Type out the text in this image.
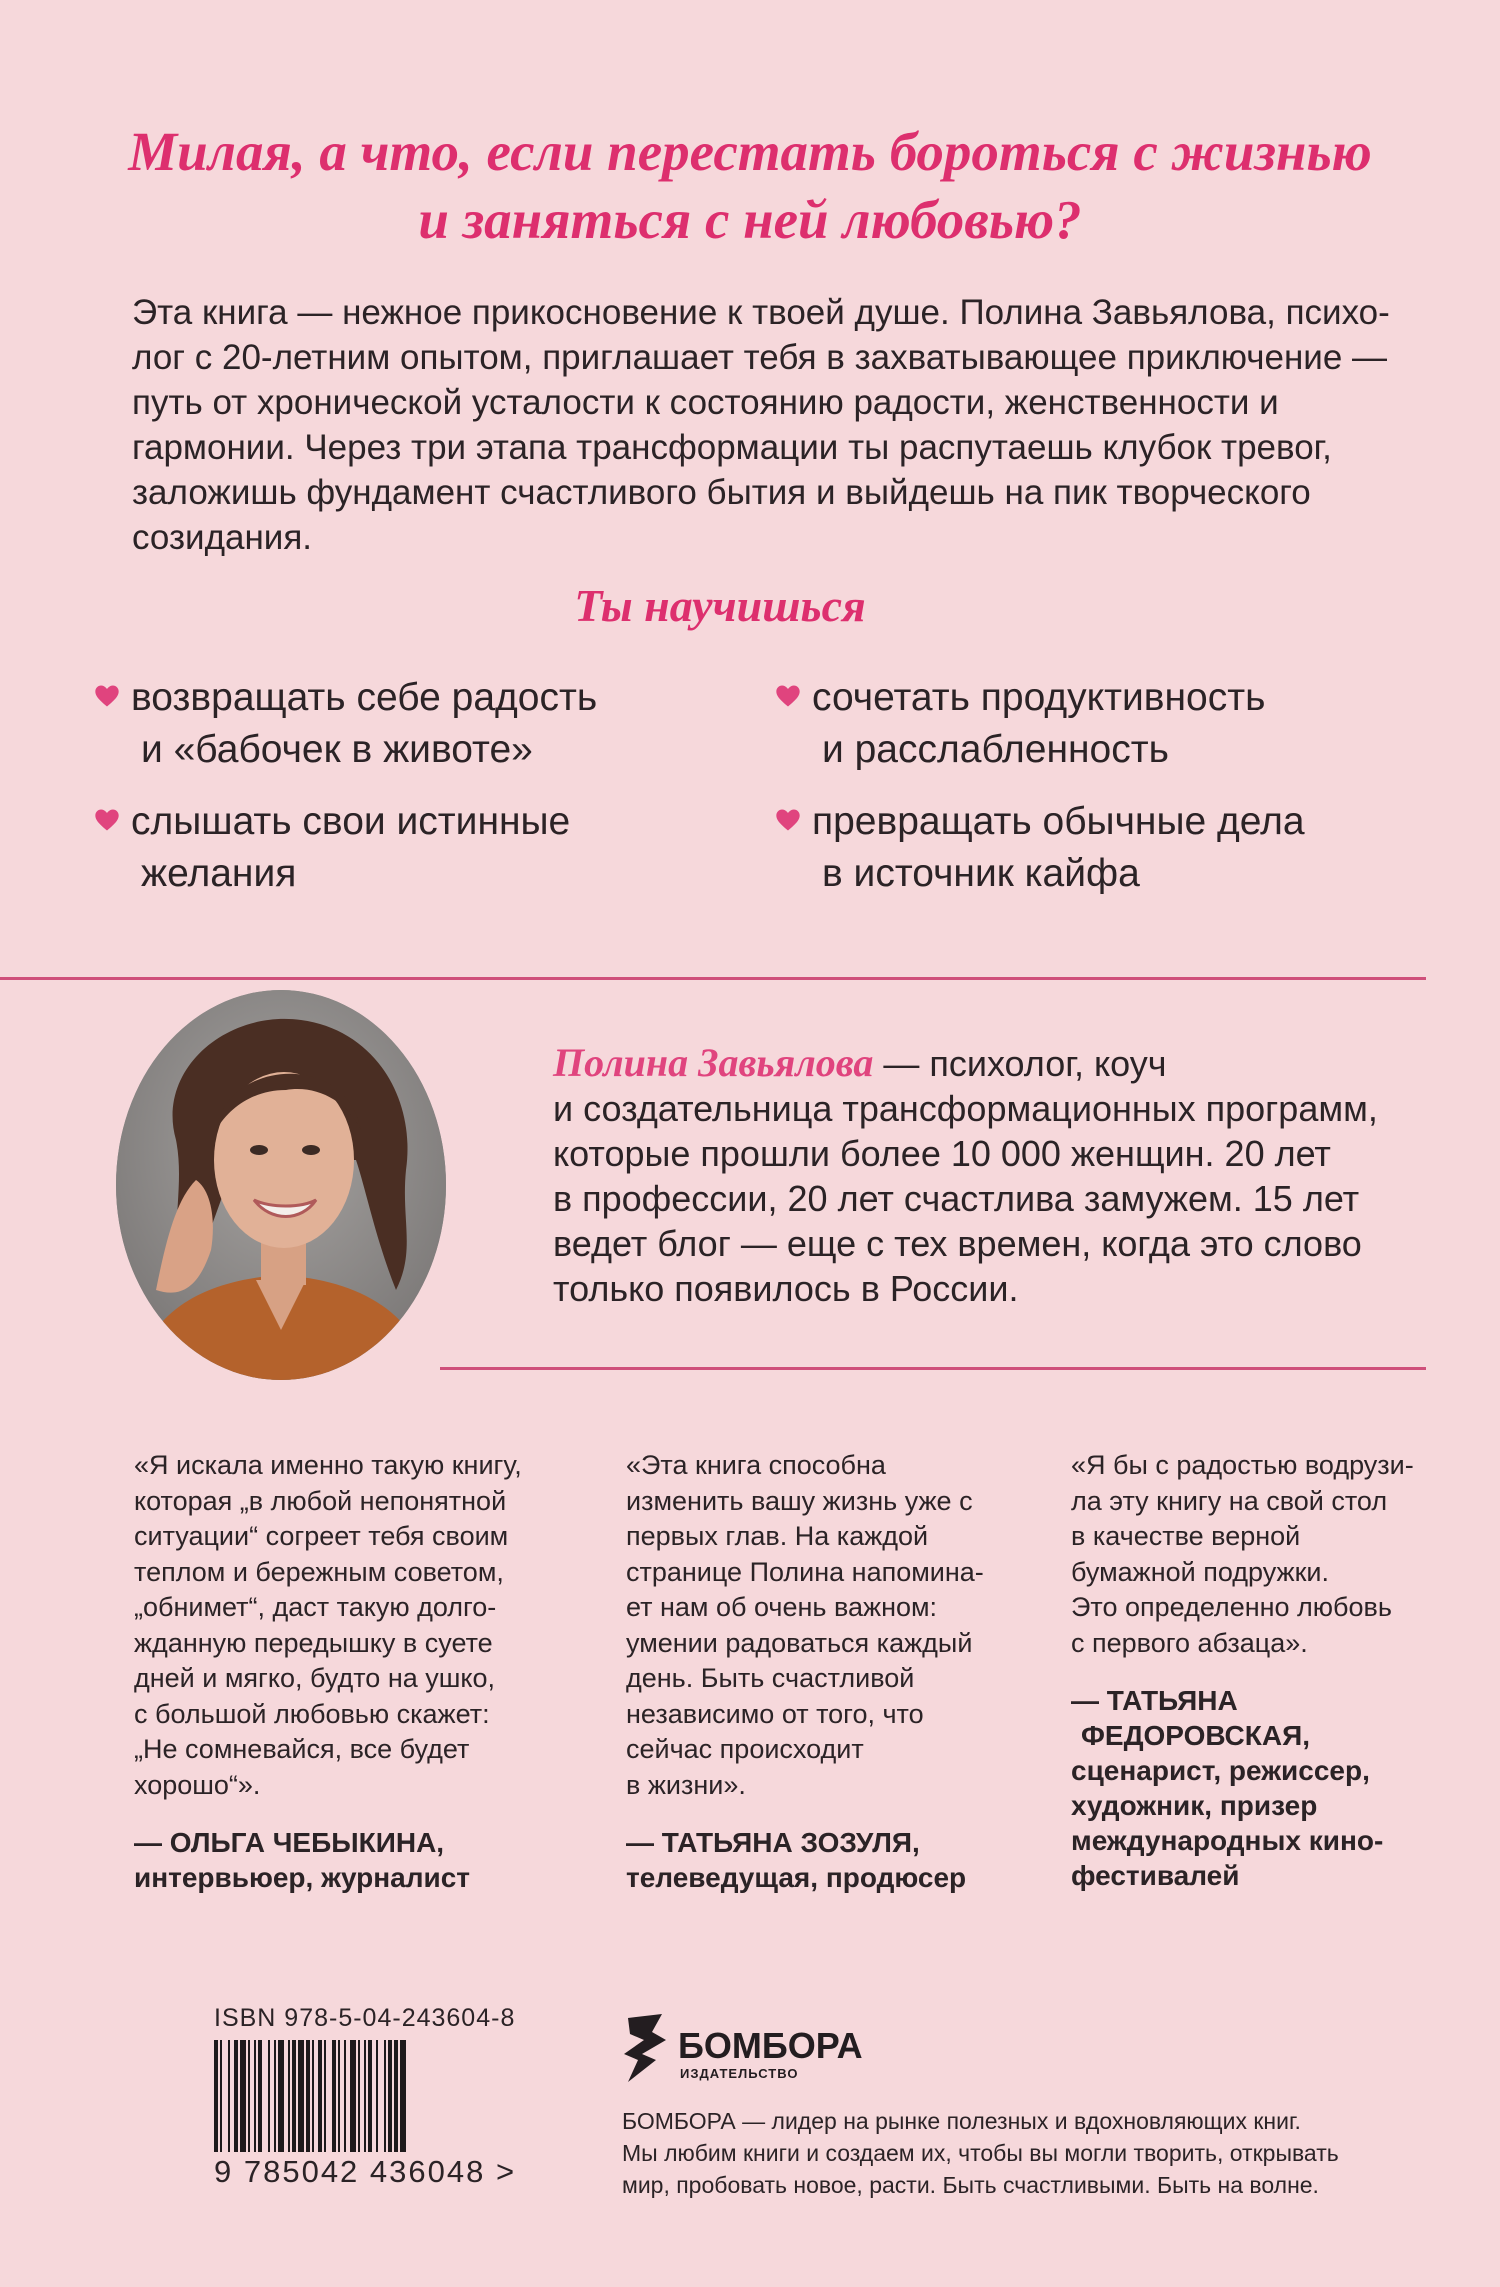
Милая, а что, если перестать бороться с жизнью
и заняться с ней любовью?
Эта книга — нежное прикосновение к твоей душе. Полина Завьялова, психо-
лог с 20-летним опытом, приглашает тебя в захватывающее приключение —
путь от хронической усталости к состоянию радости, женственности и
гармонии. Через три этапа трансформации ты распутаешь клубок тревог,
заложишь фундамент счастливого бытия и выйдешь на пик творческого
созидания.
Ты научишься
возвращать себе радость
и «бабочек в животе»
сочетать продуктивность
и расслабленность
слышать свои истинные
желания
превращать обычные дела
в источник кайфа
Полина Завьялова — психолог, коуч
и создательница трансформационных программ,
которые прошли более 10 000 женщин. 20 лет
в профессии, 20 лет счастлива замужем. 15 лет
ведет блог — еще с тех времен, когда это слово
только появилось в России.
«Я искала именно такую книгу,
которая „в любой непонятной
ситуации“ согреет тебя своим
теплом и бережным советом,
„обнимет“, даст такую долго-
жданную передышку в суете
дней и мягко, будто на ушко,
с большой любовью скажет:
„Не сомневайся, все будет
хорошо“».
— ОЛЬГА ЧЕБЫКИНА,
интервьюер, журналист
«Эта книга способна
изменить вашу жизнь уже с
первых глав. На каждой
странице Полина напомина-
ет нам об очень важном:
умении радоваться каждый
день. Быть счастливой
независимо от того, что
сейчас происходит
в жизни».
— ТАТЬЯНА ЗОЗУЛЯ,
телеведущая, продюсер
«Я бы с радостью водрузи-
ла эту книгу на свой стол
в качестве верной
бумажной подружки.
Это определенно любовь
с первого абзаца».
— ТАТЬЯНА
ФЕДОРОВСКАЯ,
сценарист, режиссер,
художник, призер
международных кино-
фестивалей
ISBN 978-5-04-243604-8
9 785042 436048 >
БОМБОРА
ИЗДАТЕЛЬСТВО
БОМБОРА — лидер на рынке полезных и вдохновляющих книг.
Мы любим книги и создаем их, чтобы вы могли творить, открывать
мир, пробовать новое, расти. Быть счастливыми. Быть на волне.
